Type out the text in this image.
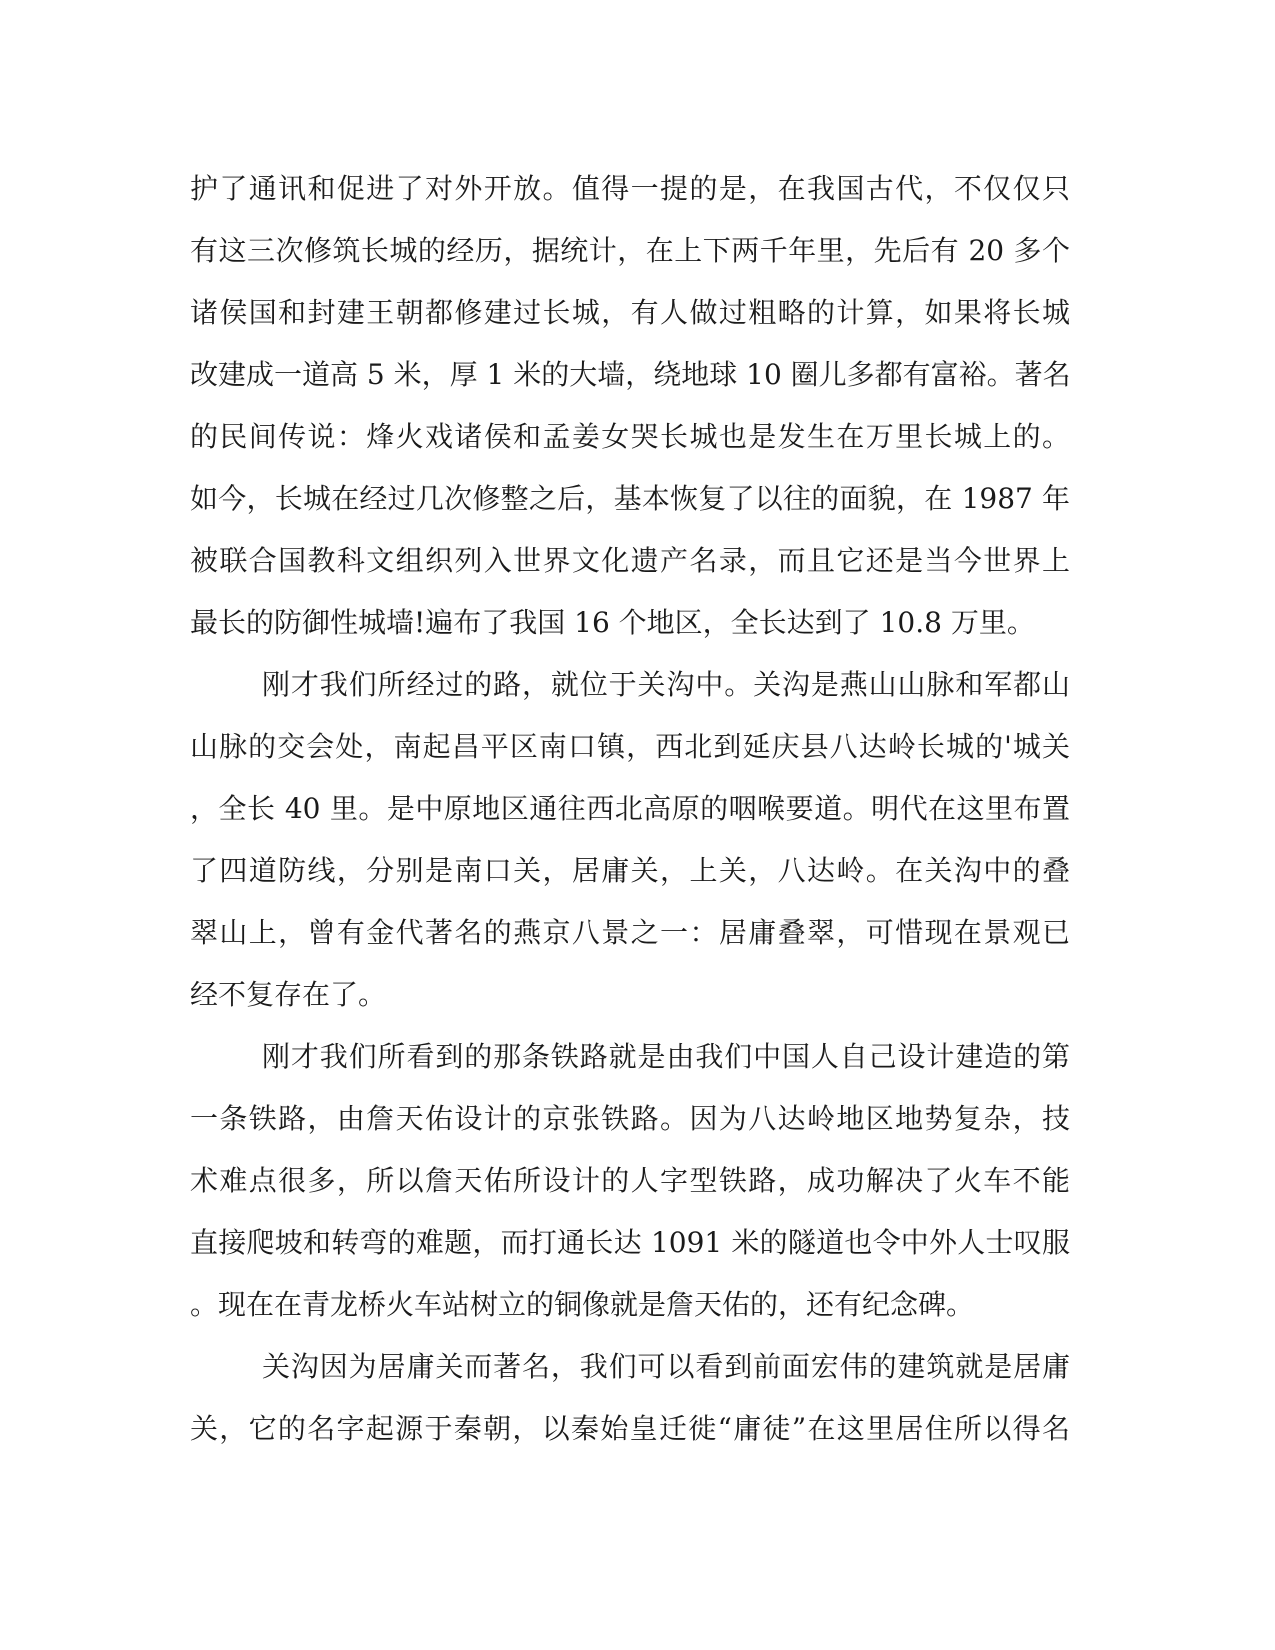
护了通讯和促进了对外开放。值得一提的是，在我国古代，不仅仅只
有这三次修筑长城的经历，据统计，在上下两千年里，先后有 20 多个
诸侯国和封建王朝都修建过长城，有人做过粗略的计算，如果将长城
改建成一道高 5 米，厚 1 米的大墙，绕地球 10 圈儿多都有富裕。著名
的民间传说：烽火戏诸侯和孟姜女哭长城也是发生在万里长城上的。
如今，长城在经过几次修整之后，基本恢复了以往的面貌，在 1987 年
被联合国教科文组织列入世界文化遗产名录，而且它还是当今世界上
最长的防御性城墙!遍布了我国 16 个地区，全长达到了 10.8 万里。
刚才我们所经过的路，就位于关沟中。关沟是燕山山脉和军都山
山脉的交会处，南起昌平区南口镇，西北到延庆县八达岭长城的'城关
，全长 40 里。是中原地区通往西北高原的咽喉要道。明代在这里布置
了四道防线，分别是南口关，居庸关，上关，八达岭。在关沟中的叠
翠山上，曾有金代著名的燕京八景之一：居庸叠翠，可惜现在景观已
经不复存在了。
刚才我们所看到的那条铁路就是由我们中国人自己设计建造的第
一条铁路，由詹天佑设计的京张铁路。因为八达岭地区地势复杂，技
术难点很多，所以詹天佑所设计的人字型铁路，成功解决了火车不能
直接爬坡和转弯的难题，而打通长达 1091 米的隧道也令中外人士叹服
。现在在青龙桥火车站树立的铜像就是詹天佑的，还有纪念碑。
关沟因为居庸关而著名，我们可以看到前面宏伟的建筑就是居庸
关，它的名字起源于秦朝，以秦始皇迁徙“庸徒”在这里居住所以得名
